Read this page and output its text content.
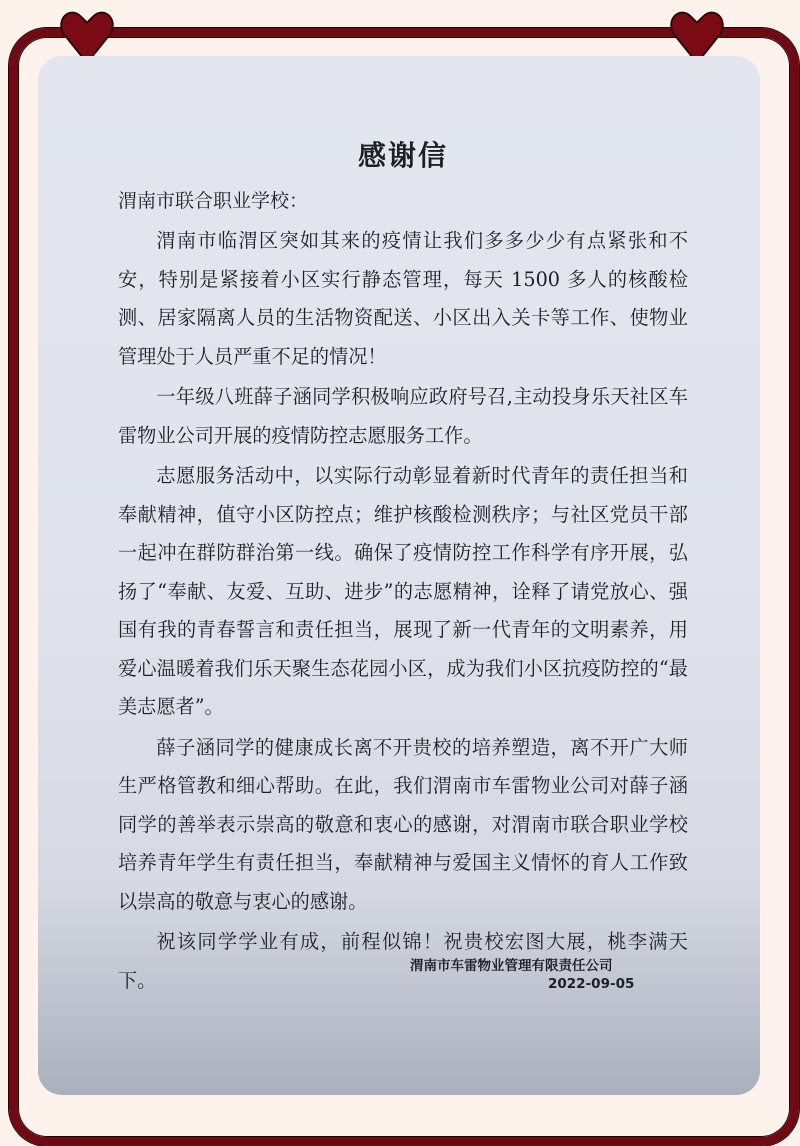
感谢信
渭南市联合职业学校：

渭南市临渭区突如其来的疫情让我们多多少少有点紧张和不安，特别是紧接着小区实行静态管理，每天 1500 多人的核酸检测、居家隔离人员的生活物资配送、小区出入关卡等工作、使物业管理处于人员严重不足的情况！

一年级八班薛子涵同学积极响应政府号召,主动投身乐天社区车雷物业公司开展的疫情防控志愿服务工作。

志愿服务活动中，以实际行动彰显着新时代青年的责任担当和奉献精神，值守小区防控点；维护核酸检测秩序；与社区党员干部一起冲在群防群治第一线。确保了疫情防控工作科学有序开展，弘扬了“奉献、友爱、互助、进步”的志愿精神，诠释了请党放心、强国有我的青春誓言和责任担当，展现了新一代青年的文明素养，用爱心温暖着我们乐天聚生态花园小区，成为我们小区抗疫防控的“最美志愿者”。

薛子涵同学的健康成长离不开贵校的培养塑造，离不开广大师生严格管教和细心帮助。在此，我们渭南市车雷物业公司对薛子涵同学的善举表示崇高的敬意和衷心的感谢，对渭南市联合职业学校培养青年学生有责任担当，奉献精神与爱国主义情怀的育人工作致以崇高的敬意与衷心的感谢。

祝该同学学业有成，前程似锦！祝贵校宏图大展，桃李满天下。

渭南市车雷物业管理有限责任公司
2022-09-05
